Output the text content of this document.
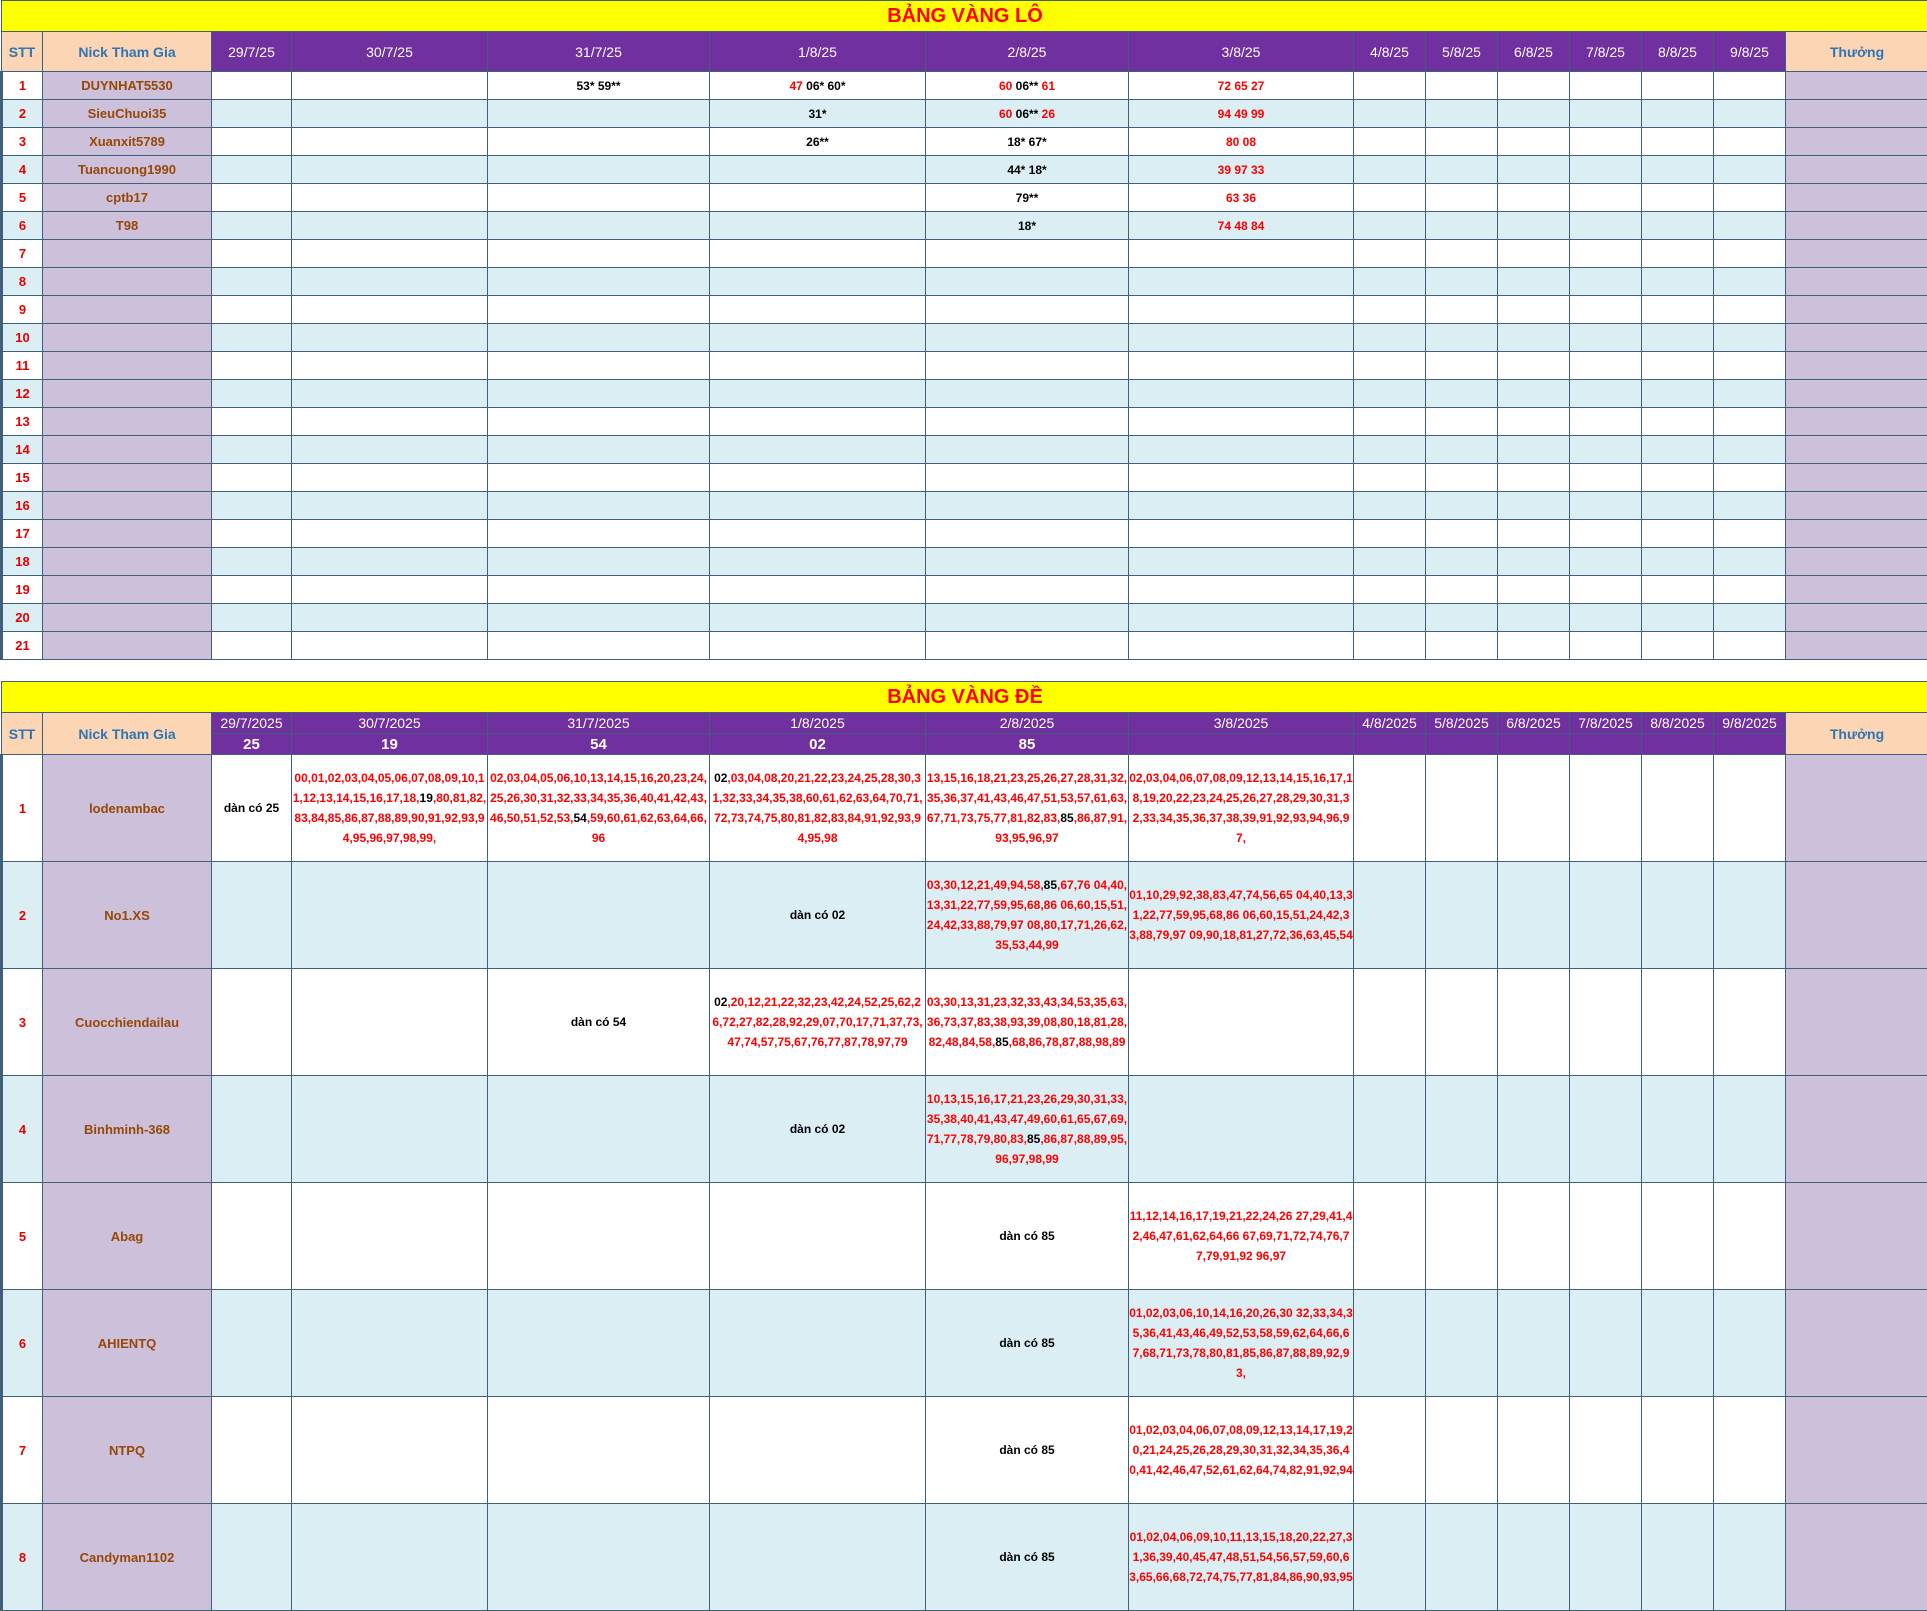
BẢNG VÀNG LÔ														
STT	Nick Tham Gia	29/7/25	30/7/25	31/7/25	1/8/25	2/8/25	3/8/25	4/8/25	5/8/25	6/8/25	7/8/25	8/8/25	9/8/25	Thưởng
1	DUYNHAT5530			53* 59**	47 06* 60*	60 06** 61	72 65 27							
2	SieuChuoi35				31*	60 06** 26	94 49 99							
3	Xuanxit5789				26**	18* 67*	80 08							
4	Tuancuong1990					44* 18*	39 97 33							
5	cptb17					79**	63 36							
6	T98					18*	74 48 84							
7														
8														
9														
10														
11														
12														
13														
14														
15														
16														
17														
18														
19														
20														
21														
BẢNG VÀNG ĐỀ														
STT	Nick Tham Gia	29/7/2025	30/7/2025	31/7/2025	1/8/2025	2/8/2025	3/8/2025	4/8/2025	5/8/2025	6/8/2025	7/8/2025	8/8/2025	9/8/2025	Thưởng
		25	19	54	02	85								
1	lodenambac	dàn có 25	00,01,02,03,04,05,06,07,08,09,10,11,12,13,14,15,16,17,18,19,80,81,82,83,84,85,86,87,88,89,90,91,92,93,94,95,96,97,98,99,	02,03,04,05,06,10,13,14,15,16,20,23,24,25,26,30,31,32,33,34,35,36,40,41,42,43,46,50,51,52,53,54,59,60,61,62,63,64,66,96	02,03,04,08,20,21,22,23,24,25,28,30,31,32,33,34,35,38,60,61,62,63,64,70,71,72,73,74,75,80,81,82,83,84,91,92,93,94,95,98	13,15,16,18,21,23,25,26,27,28,31,32,35,36,37,41,43,46,47,51,53,57,61,63,67,71,73,75,77,81,82,83,85,86,87,91,93,95,96,97	02,03,04,06,07,08,09,12,13,14,15,16,17,18,19,20,22,23,24,25,26,27,28,29,30,31,32,33,34,35,36,37,38,39,91,92,93,94,96,97,							
2	No1.XS				dàn có 02	03,30,12,21,49,94,58,85,67,76 04,40,13,31,22,77,59,95,68,86 06,60,15,51,24,42,33,88,79,97 08,80,17,71,26,62,35,53,44,99	01,10,29,92,38,83,47,74,56,65 04,40,13,31,22,77,59,95,68,86 06,60,15,51,24,42,33,88,79,97 09,90,18,81,27,72,36,63,45,54							
3	Cuocchiendailau			dàn có 54	02,20,12,21,22,32,23,42,24,52,25,62,26,72,27,82,28,92,29,07,70,17,71,37,73,47,74,57,75,67,76,77,87,78,97,79	03,30,13,31,23,32,33,43,34,53,35,63,36,73,37,83,38,93,39,08,80,18,81,28,82,48,84,58,85,68,86,78,87,88,98,89								
4	Binhminh-368				dàn có 02	10,13,15,16,17,21,23,26,29,30,31,33,35,38,40,41,43,47,49,60,61,65,67,69,71,77,78,79,80,83,85,86,87,88,89,95,96,97,98,99								
5	Abag					dàn có 85	11,12,14,16,17,19,21,22,24,26 27,29,41,42,46,47,61,62,64,66 67,69,71,72,74,76,77,79,91,92 96,97							
6	AHIENTQ					dàn có 85	01,02,03,06,10,14,16,20,26,30 32,33,34,35,36,41,43,46,49,52,53,58,59,62,64,66,67,68,71,73,78,80,81,85,86,87,88,89,92,93,							
7	NTPQ					dàn có 85	01,02,03,04,06,07,08,09,12,13,14,17,19,20,21,24,25,26,28,29,30,31,32,34,35,36,40,41,42,46,47,52,61,62,64,74,82,91,92,94							
8	Candyman1102					dàn có 85	01,02,04,06,09,10,11,13,15,18,20,22,27,31,36,39,40,45,47,48,51,54,56,57,59,60,63,65,66,68,72,74,75,77,81,84,86,90,93,95							
